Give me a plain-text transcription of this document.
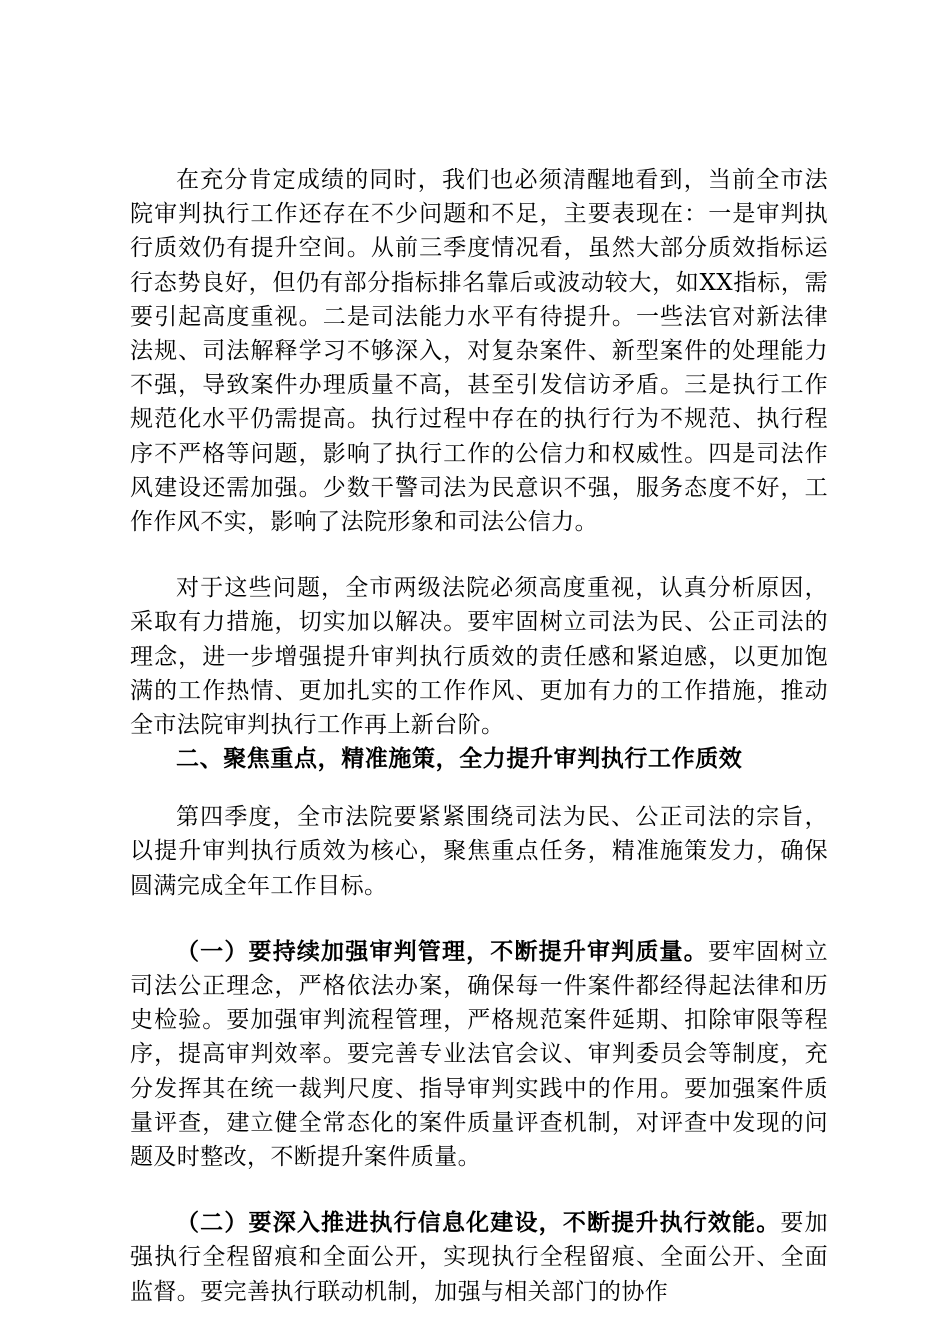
在充分肯定成绩的同时，我们也必须清醒地看到，当前全市法院审判执行工作还存在不少问题和不足，主要表现在：一是审判执行质效仍有提升空间。从前三季度情况看，虽然大部分质效指标运行态势良好，但仍有部分指标排名靠后或波动较大，如XX指标，需要引起高度重视。二是司法能力水平有待提升。一些法官对新法律法规、司法解释学习不够深入，对复杂案件、新型案件的处理能力不强，导致案件办理质量不高，甚至引发信访矛盾。三是执行工作规范化水平仍需提高。执行过程中存在的执行行为不规范、执行程序不严格等问题，影响了执行工作的公信力和权威性。四是司法作风建设还需加强。少数干警司法为民意识不强，服务态度不好，工作作风不实，影响了法院形象和司法公信力。

对于这些问题，全市两级法院必须高度重视，认真分析原因，采取有力措施，切实加以解决。要牢固树立司法为民、公正司法的理念，进一步增强提升审判执行质效的责任感和紧迫感，以更加饱满的工作热情、更加扎实的工作作风、更加有力的工作措施，推动全市法院审判执行工作再上新台阶。

二、聚焦重点，精准施策，全力提升审判执行工作质效

第四季度，全市法院要紧紧围绕司法为民、公正司法的宗旨，以提升审判执行质效为核心，聚焦重点任务，精准施策发力，确保圆满完成全年工作目标。

（一）要持续加强审判管理，不断提升审判质量。要牢固树立司法公正理念，严格依法办案，确保每一件案件都经得起法律和历史检验。要加强审判流程管理，严格规范案件延期、扣除审限等程序，提高审判效率。要完善专业法官会议、审判委员会等制度，充分发挥其在统一裁判尺度、指导审判实践中的作用。要加强案件质量评查，建立健全常态化的案件质量评查机制，对评查中发现的问题及时整改，不断提升案件质量。

（二）要深入推进执行信息化建设，不断提升执行效能。要加强执行全程留痕和全面公开，实现执行全程留痕、全面公开、全面监督。要完善执行联动机制，加强与相关部门的协作
